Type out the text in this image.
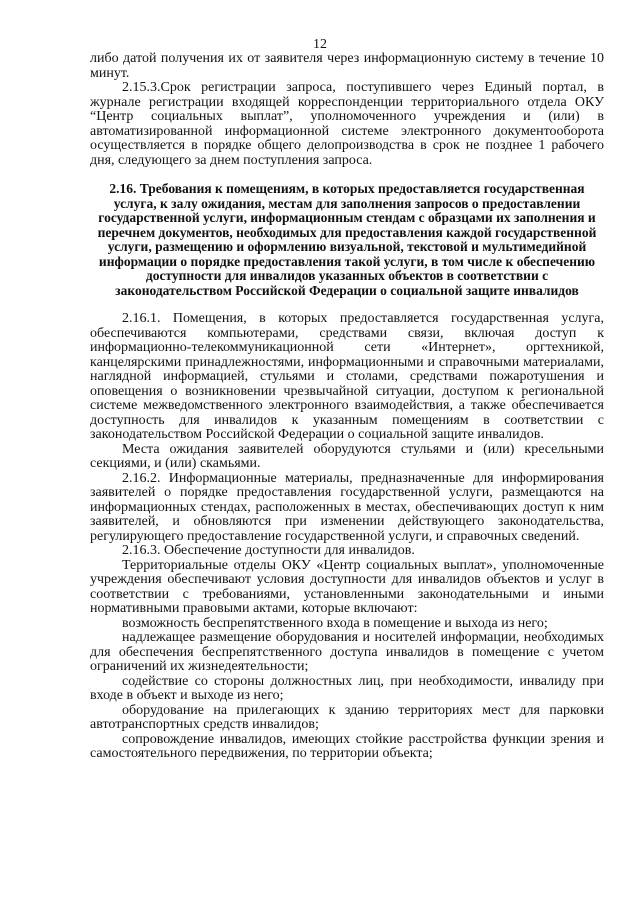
12

либо датой получения их от заявителя через информационную систему в течение 10 минут.

2.15.3.Срок регистрации запроса, поступившего через Единый портал, в журнале регистрации входящей корреспонденции территориального отдела ОКУ “Центр социальных выплат”, уполномоченного учреждения и (или) в автоматизированной информационной системе электронного документооборота осуществляется в порядке общего делопроизводства в срок не позднее 1 рабочего дня, следующего за днем поступления запроса.

2.16. Требования к помещениям, в которых предоставляется государственная услуга, к залу ожидания, местам для заполнения запросов о предоставлении государственной услуги, информационным стендам с образцами их заполнения и перечнем документов, необходимых для предоставления каждой государственной услуги, размещению и оформлению визуальной, текстовой и мультимедийной информации о порядке предоставления такой услуги, в том числе к обеспечению доступности для инвалидов указанных объектов в соответствии с законодательством Российской Федерации о социальной защите инвалидов

2.16.1. Помещения, в которых предоставляется государственная услуга, обеспечиваются компьютерами, средствами связи, включая доступ к информационно-телекоммуникационной сети «Интернет», оргтехникой, канцелярскими принадлежностями, информационными и справочными материалами, наглядной информацией, стульями и столами, средствами пожаротушения и оповещения о возникновении чрезвычайной ситуации, доступом к региональной системе межведомственного электронного взаимодействия, а также обеспечивается доступность для инвалидов к указанным помещениям в соответствии с законодательством Российской Федерации о социальной защите инвалидов.

Места ожидания заявителей оборудуются стульями и (или) кресельными секциями, и (или) скамьями.

2.16.2. Информационные материалы, предназначенные для информирования заявителей о порядке предоставления государственной услуги, размещаются на информационных стендах, расположенных в местах, обеспечивающих доступ к ним заявителей, и обновляются при изменении действующего законодательства, регулирующего предоставление государственной услуги, и справочных сведений.

2.16.3. Обеспечение доступности для инвалидов.

Территориальные отделы ОКУ «Центр социальных выплат», уполномоченные учреждения обеспечивают условия доступности для инвалидов объектов и услуг в соответствии с требованиями, установленными законодательными и иными нормативными правовыми актами, которые включают:

возможность беспрепятственного входа в помещение и выхода из него;

надлежащее размещение оборудования и носителей информации, необходимых для обеспечения беспрепятственного доступа инвалидов в помещение с учетом ограничений их жизнедеятельности;

содействие со стороны должностных лиц, при необходимости, инвалиду при входе в объект и выходе из него;

оборудование на прилегающих к зданию территориях мест для парковки автотранспортных средств инвалидов;

сопровождение инвалидов, имеющих стойкие расстройства функции зрения и самостоятельного передвижения, по территории объекта;
